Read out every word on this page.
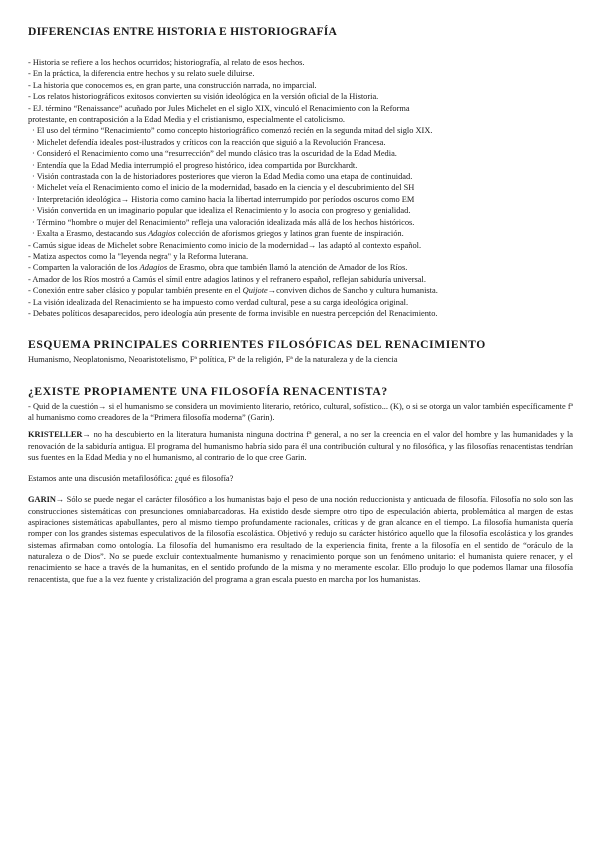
DIFERENCIAS ENTRE HISTORIA E HISTORIOGRAFÍA
- Historia se refiere a los hechos ocurridos; historiografía, al relato de esos hechos.
- En la práctica, la diferencia entre hechos y su relato suele diluirse.
- La historia que conocemos es, en gran parte, una construcción narrada, no imparcial.
- Los relatos historiográficos exitosos convierten su visión ideológica en la versión oficial de la Historia.
- EJ. término “Renaissance” acuñado por Jules Michelet en el siglo XIX, vinculó el Renacimiento con la Reforma
protestante, en contraposición a la Edad Media y el cristianismo, especialmente el catolicismo.
· El uso del término “Renacimiento” como concepto historiográfico comenzó recién en la segunda mitad del siglo XIX.
· Michelet defendía ideales post-ilustrados y críticos con la reacción que siguió a la Revolución Francesa.
· Consideró el Renacimiento como una “resurrección” del mundo clásico tras la oscuridad de la Edad Media.
· Entendía que la Edad Media interrumpió el progreso histórico, idea compartida por Burckhardt.
· Visión contrastada con la de historiadores posteriores que vieron la Edad Media como una etapa de continuidad.
· Michelet veía el Renacimiento como el inicio de la modernidad, basado en la ciencia y el descubrimiento del SH
· Interpretación ideológica→ Historia como camino hacia la libertad interrumpido por períodos oscuros como EM
· Visión convertida en un imaginario popular que idealiza el Renacimiento y lo asocia con progreso y genialidad.
· Término “hombre o mujer del Renacimiento” refleja una valoración idealizada más allá de los hechos históricos.
· Exalta a Erasmo, destacando sus Adagios colección de aforismos griegos y latinos gran fuente de inspiración.
- Camús sigue ideas de Michelet sobre Renacimiento como inicio de la modernidad→ las adaptó al contexto español.
- Matiza aspectos como la "leyenda negra" y la Reforma luterana.
- Comparten la valoración de los Adagios de Erasmo, obra que también llamó la atención de Amador de los Ríos.
- Amador de los Ríos mostró a Camús el símil entre adagios latinos y el refranero español, reflejan sabiduría universal.
- Conexión entre saber clásico y popular también presente en el Quijote→conviven dichos de Sancho y cultura humanista.
- La visión idealizada del Renacimiento se ha impuesto como verdad cultural, pese a su carga ideológica original.
- Debates políticos desaparecidos, pero ideología aún presente de forma invisible en nuestra percepción del Renacimiento.
ESQUEMA PRINCIPALES CORRIENTES FILOSÓFICAS DEL RENACIMIENTO

Humanismo, Neoplatonismo, Neoaristotelismo, Fª política, Fª de la religión, Fª de la naturaleza y de la ciencia

¿EXISTE PROPIAMENTE UNA FILOSOFÍA RENACENTISTA?

- Quid de la cuestión→ si el humanismo se considera un movimiento literario, retórico, cultural, sofístico... (K), o si se otorga un valor también específicamente fª al humanismo como creadores de la “Primera filosofía moderna” (Garin).

KRISTELLER→ no ha descubierto en la literatura humanista ninguna doctrina fª general, a no ser la creencia en el valor del hombre y las humanidades y la renovación de la sabiduría antigua. El programa del humanismo habría sido para él una contribución cultural y no filosófica, y las filosofías renacentistas tendrían sus fuentes en la Edad Media y no el humanismo, al contrario de lo que cree Garin.

Estamos ante una discusión metafilosófica: ¿qué es filosofía?

GARIN→ Sólo se puede negar el carácter filosófico a los humanistas bajo el peso de una noción reduccionista y anticuada de filosofía. Filosofía no solo son las construcciones sistemáticas con presunciones omniabarcadoras. Ha existido desde siempre otro tipo de especulación abierta, problemática al margen de estas aspiraciones sistemáticas apabullantes, pero al mismo tiempo profundamente racionales, críticas y de gran alcance en el tiempo. La filosofía humanista quería romper con los grandes sistemas especulativos de la filosofía escolástica. Objetivó y redujo su carácter histórico aquello que la filosofía escolástica y los grandes sistemas afirmaban como ontología. La filosofía del humanismo era resultado de la experiencia finita, frente a la filosofía en el sentido de “oráculo de la naturaleza o de Dios”. No se puede excluir contextualmente humanismo y renacimiento porque son un fenómeno unitario: el humanista quiere renacer, y el renacimiento se hace a través de la humanitas, en el sentido profundo de la misma y no meramente escolar. Ello produjo lo que podemos llamar una filosofía renacentista, que fue a la vez fuente y cristalización del programa a gran escala puesto en marcha por los humanistas.
